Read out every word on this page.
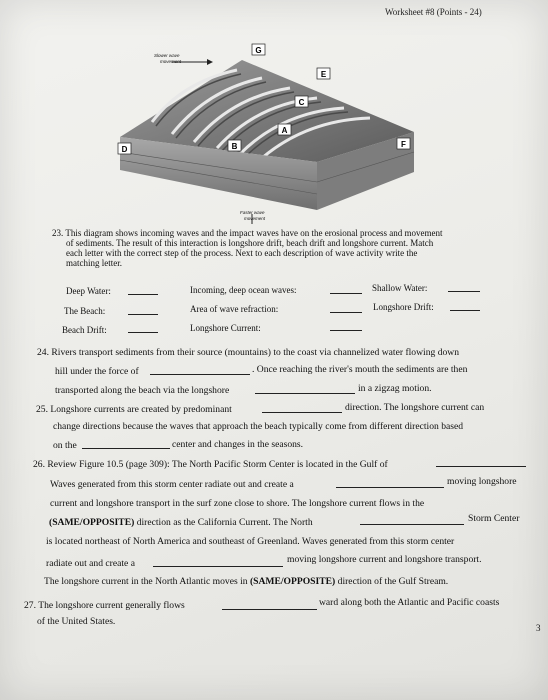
Worksheet #8 (Points - 24)
G
E
C
A
D	B	F
Slower wave
movement
Faster wave
movement
23. This diagram shows incoming waves and the impact waves have on the erosional process and movement
of sediments. The result of this interaction is longshore drift, beach drift and longshore current. Match
each letter with the correct step of the process. Next to each description of wave activity write the
matching letter.
Deep Water:	Incoming, deep ocean waves:	Shallow Water:
The Beach:	Area of wave refraction:	Longshore Drift:
Beach Drift:	Longshore Current:
24. Rivers transport sediments from their source (mountains) to the coast via channelized water flowing down
hill under the force of	. Once reaching the river's mouth the sediments are then
transported along the beach via the longshore	in a zigzag motion.
25. Longshore currents are created by predominant	direction. The longshore current can
change directions because the waves that approach the beach typically come from different direction based
on the	center and changes in the seasons.
26. Review Figure 10.5 (page 309): The North Pacific Storm Center is located in the Gulf of
Waves generated from this storm center radiate out and create a	moving longshore
current and longshore transport in the surf zone close to shore. The longshore current flows in the
(SAME/OPPOSITE) direction as the California Current. The North	Storm Center
is located northeast of North America and southeast of Greenland. Waves generated from this storm center
radiate out and create a	moving longshore current and longshore transport.
The longshore current in the North Atlantic moves in (SAME/OPPOSITE) direction of the Gulf Stream.
27. The longshore current generally flows	ward along both the Atlantic and Pacific coasts
of the United States.
3
